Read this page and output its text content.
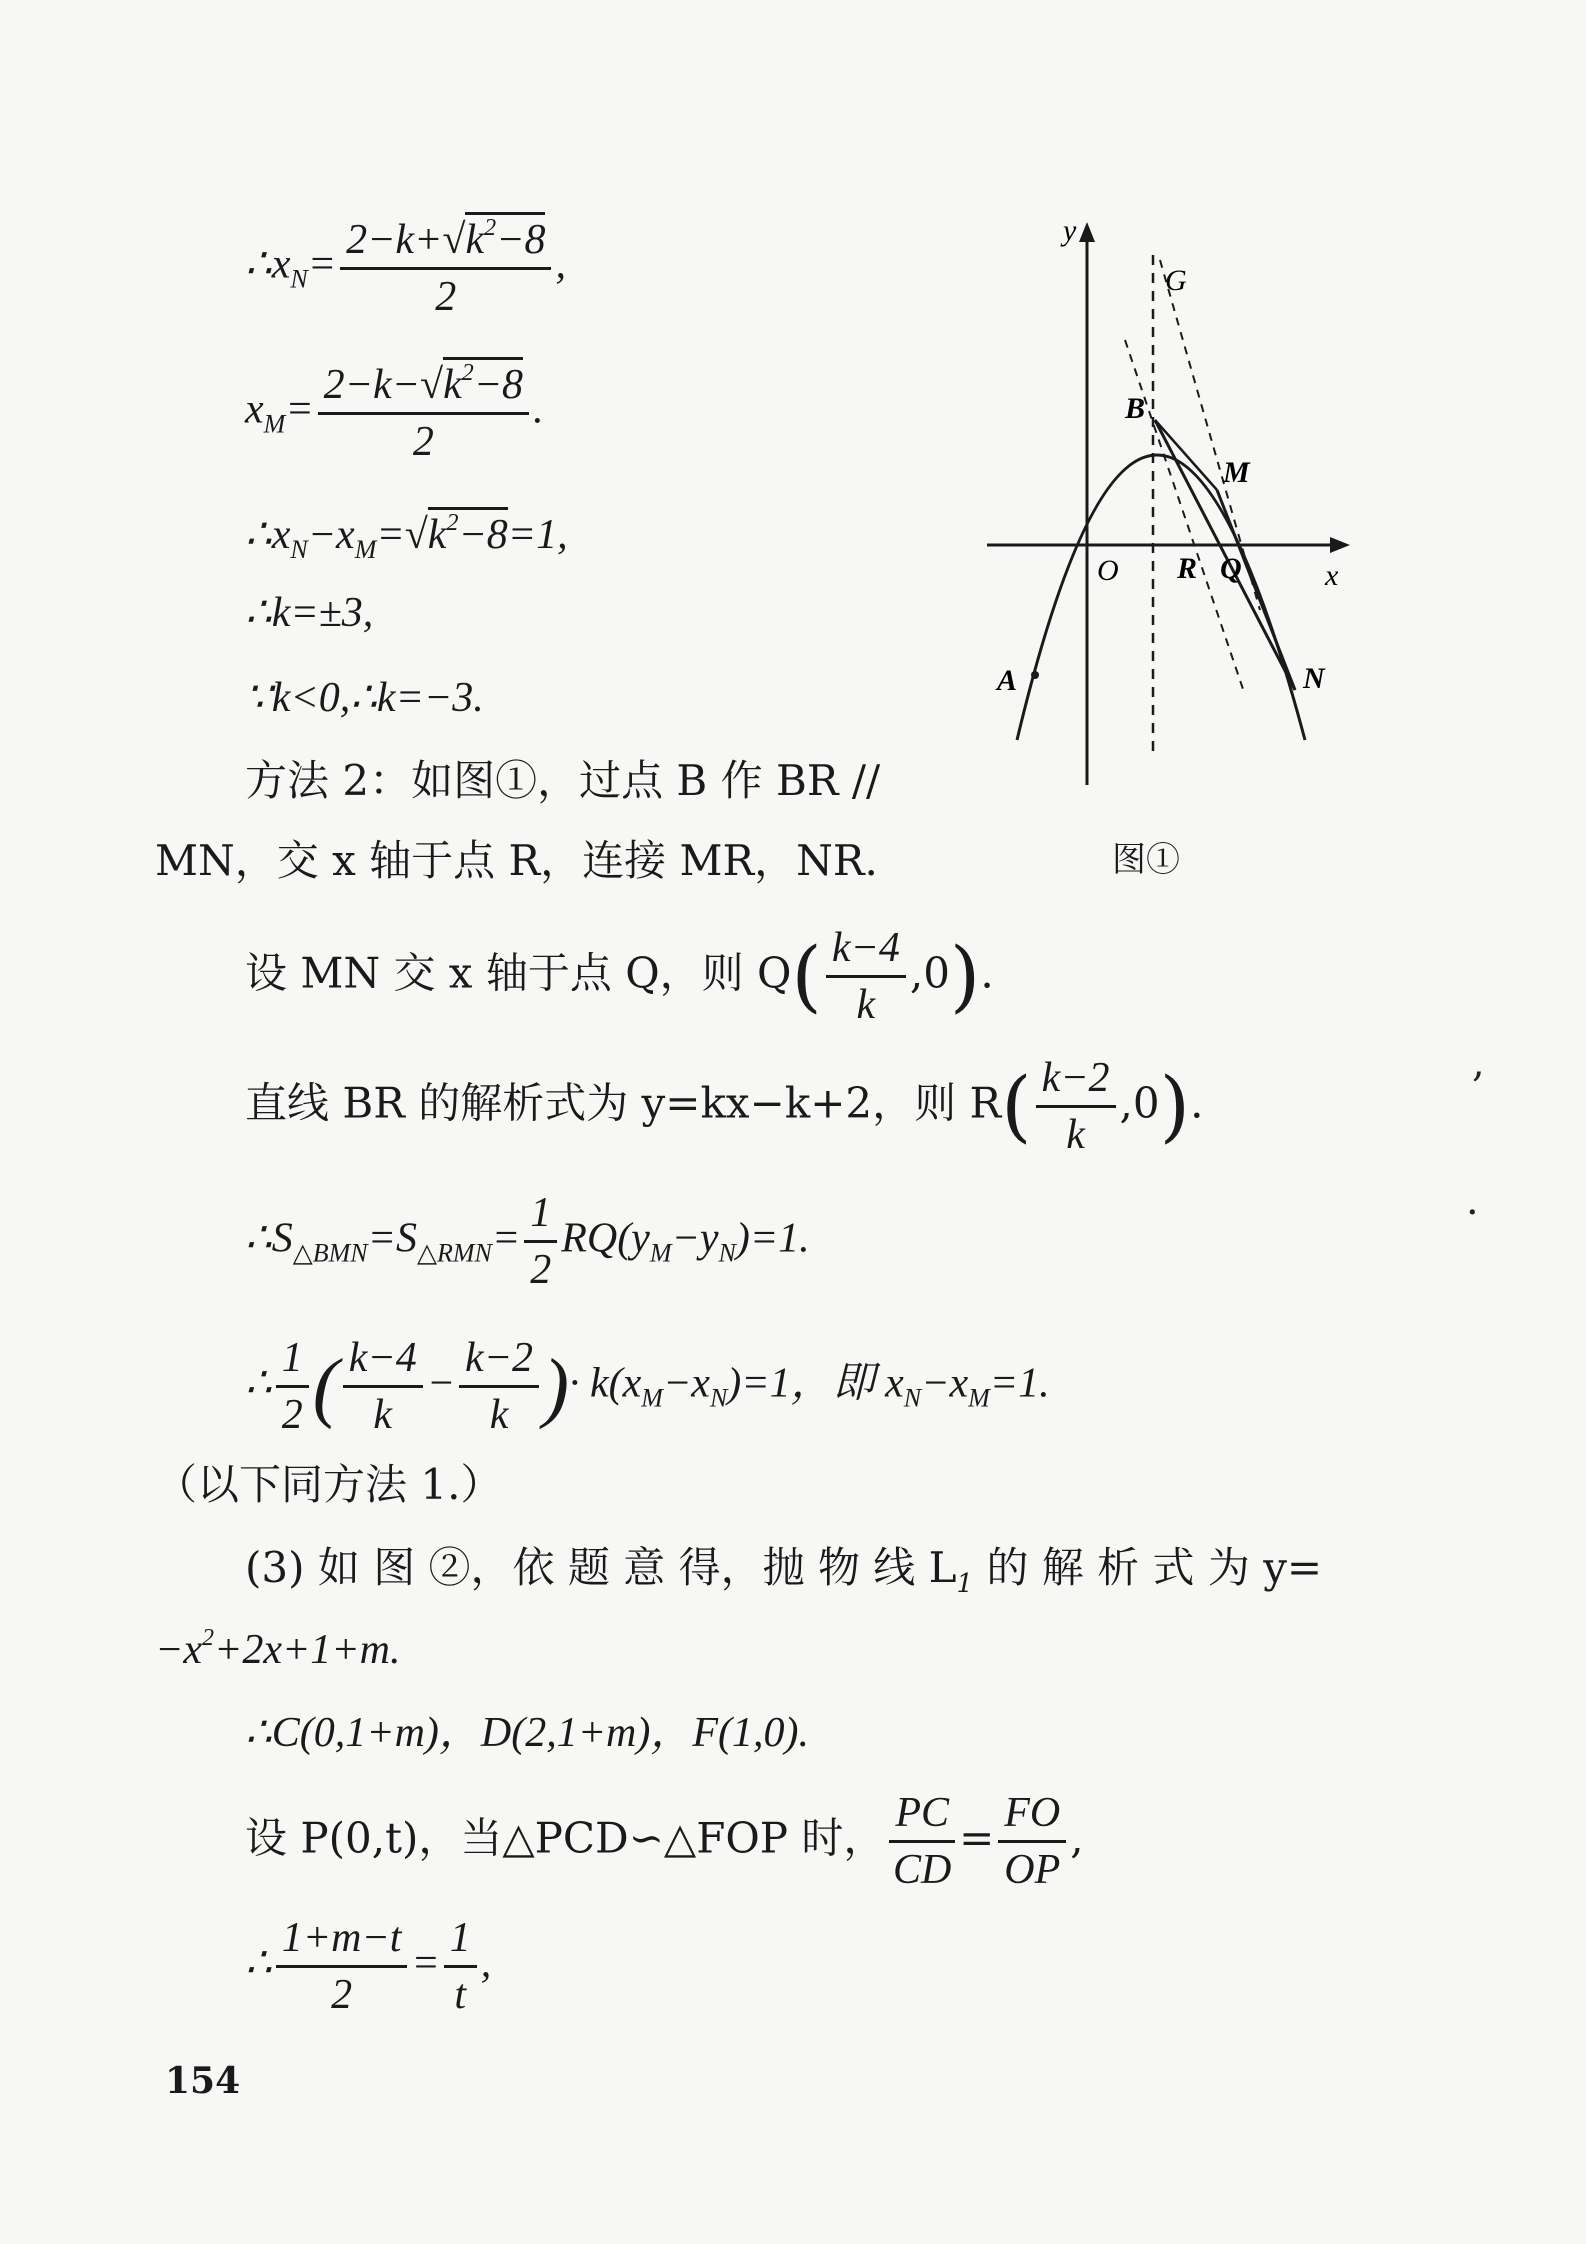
$\therefore x_N= \frac{2-k+√k^2-8}{2}$ ,
$x_M= \frac{2-k-√k^2-8}{2}$ .
$\therefore x_N-x_M=√k^2-8=1$,
∴k=±3,
∵k<0,∴k=−3.
方法 2：如图①，过点 B 作 BR //
MN，交 x 轴于点 R，连接 MR，NR.
设 MN 交 x 轴于点 Q，则 $Q( \frac{k-4}{k} ,0)$.
直线 BR 的解析式为 y=kx−k+2，则 $R( \frac{k-2}{k} ,0)$.
$\therefore S_{\triangle BMN}=S_{\triangle RMN}= \frac{1}{2} RQ(y_M-y_N)=1$.
∴ $\frac{1}{2}$ ( $\frac{k-4}{k} - \frac{k-2}{k}$ )· $k(x_M-x_N)=1$，即 $x_N-x_M=1$.
（以下同方法 1.）
(3) 如 图 ②，依 题 意 得，抛 物 线 $L_1$ 的 解 析 式 为 y=
$-x^2+2x+1+m$.
∴C(0,1+m)，D(2,1+m)，F(1,0).
设 P(0,t)，当△PCD∽△FOP 时， $\frac{PC}{CD} = \frac{FO}{OP}$ ,
∴ $\frac{1+m-t}{2} = \frac{1}{t}$ ,
y
x
O
G
B
M
R Q
A	N
图①
,
·
154
